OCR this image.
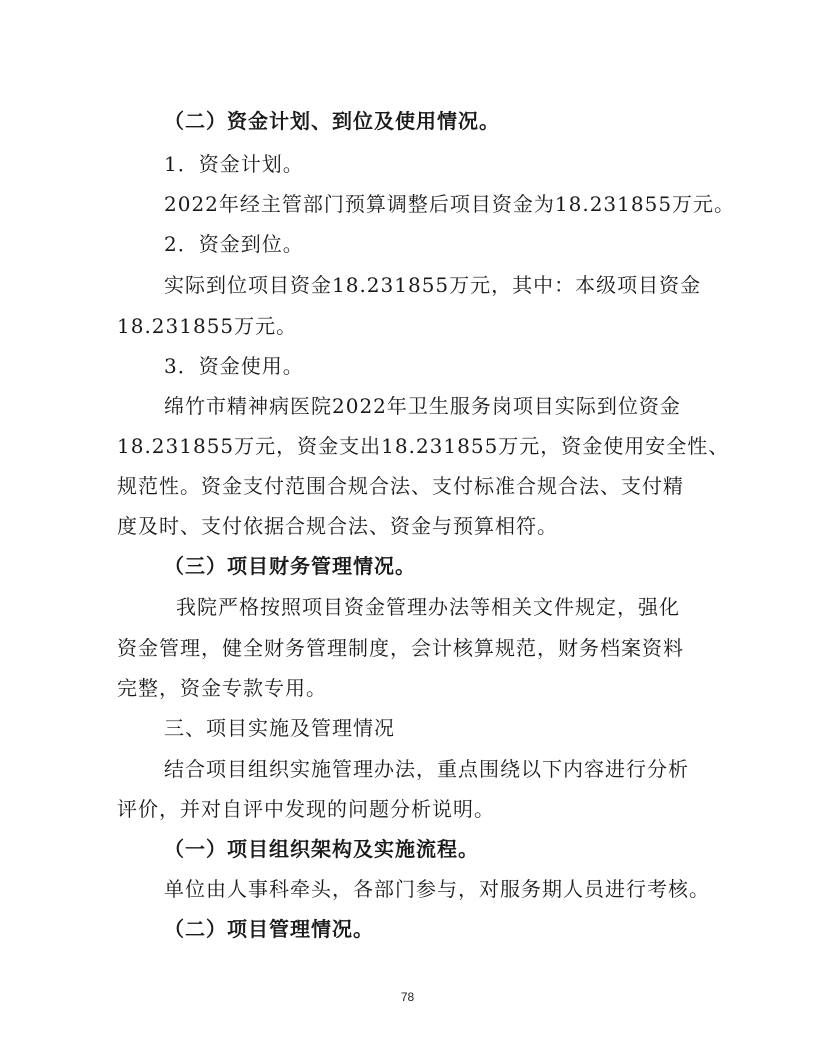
（二）资金计划、到位及使用情况。
1．资金计划。
2022年经主管部门预算调整后项目资金为18.231855万元。
2．资金到位。
实际到位项目资金18.231855万元，其中：本级项目资金
18.231855万元。
3．资金使用。
绵竹市精神病医院2022年卫生服务岗项目实际到位资金
18.231855万元，资金支出18.231855万元，资金使用安全性、
规范性。资金支付范围合规合法、支付标准合规合法、支付精
度及时、支付依据合规合法、资金与预算相符。
（三）项目财务管理情况。
我院严格按照项目资金管理办法等相关文件规定，强化
资金管理，健全财务管理制度，会计核算规范，财务档案资料
完整，资金专款专用。
三、项目实施及管理情况
结合项目组织实施管理办法，重点围绕以下内容进行分析
评价，并对自评中发现的问题分析说明。
（一）项目组织架构及实施流程。
单位由人事科牵头，各部门参与，对服务期人员进行考核。
（二）项目管理情况。
78
